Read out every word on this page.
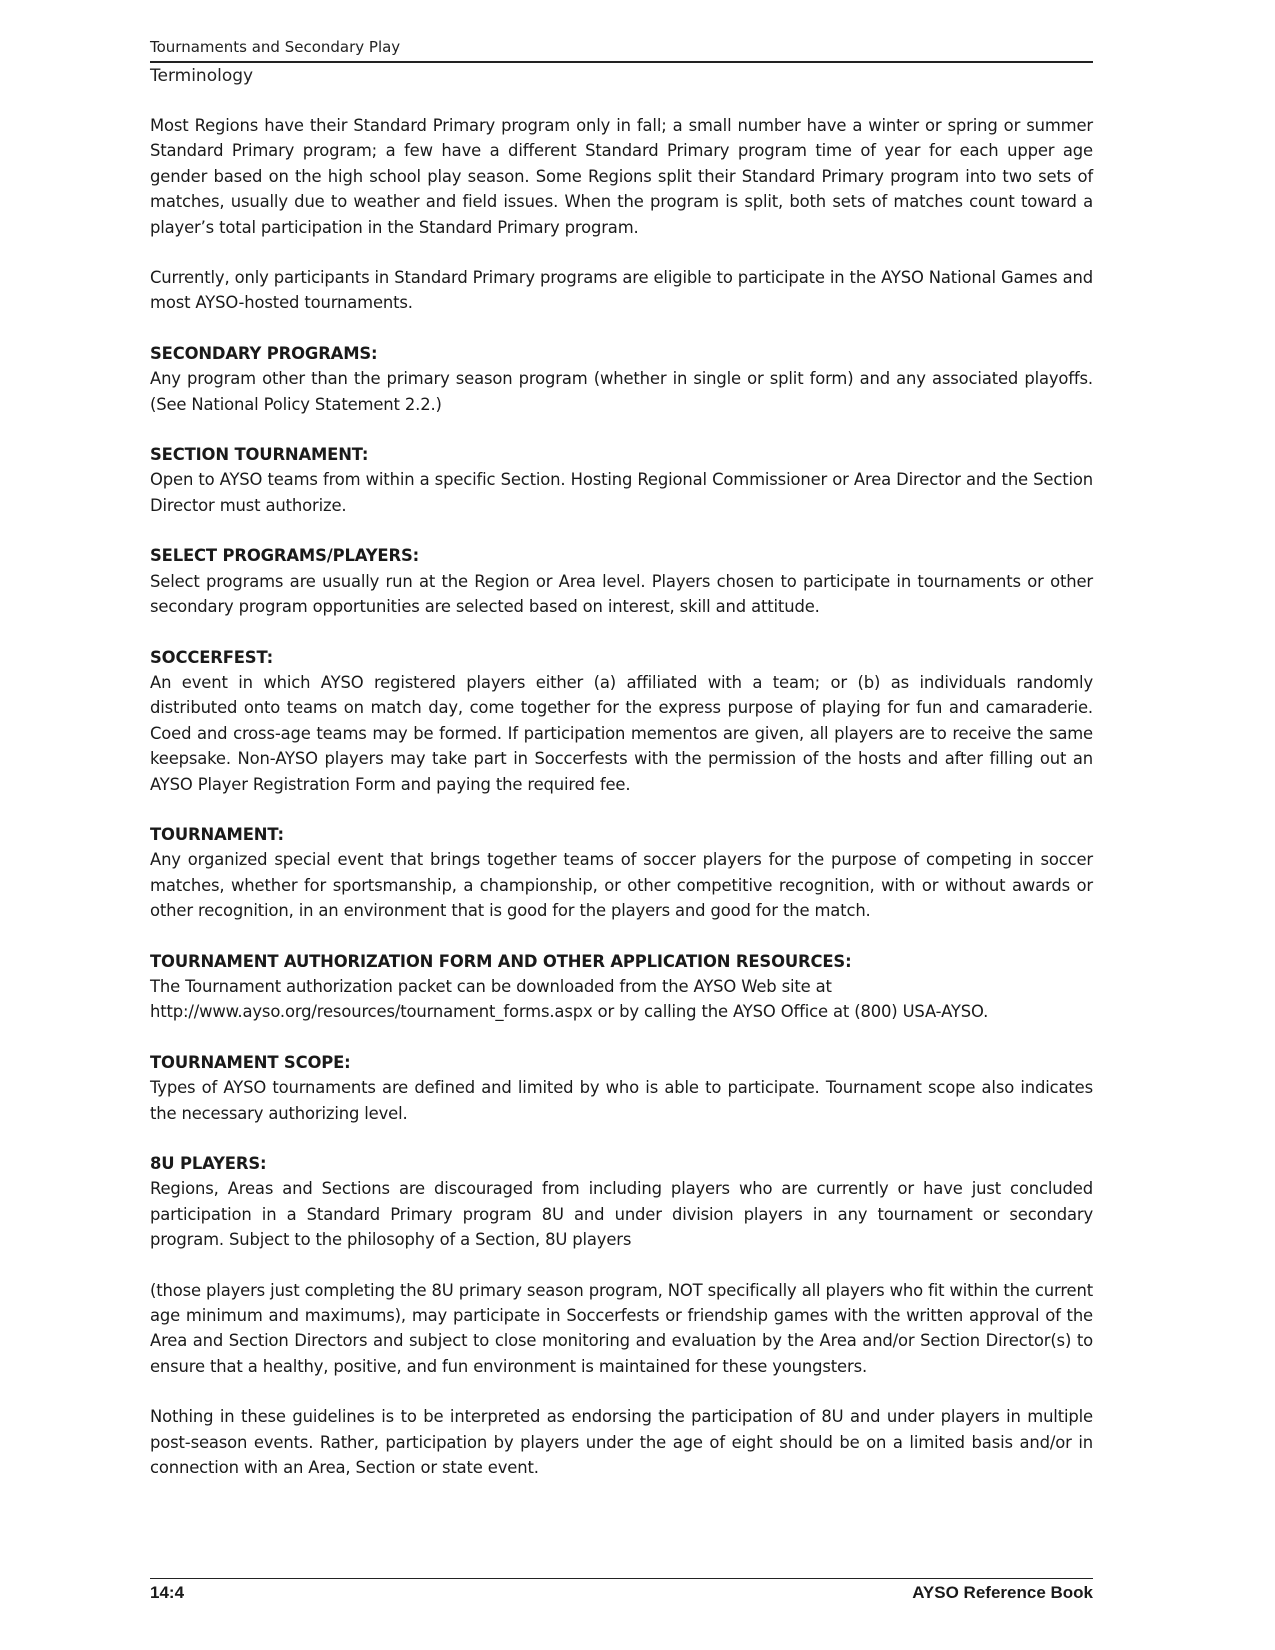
Tournaments and Secondary Play
Terminology

Most Regions have their Standard Primary program only in fall; a small number have a winter or spring or summer Standard Primary program; a few have a different Standard Primary program time of year for each upper age gender based on the high school play season. Some Regions split their Standard Primary program into two sets of matches, usually due to weather and field issues. When the program is split, both sets of matches count toward a player’s total participation in the Standard Primary program.

Currently, only participants in Standard Primary programs are eligible to participate in the AYSO National Games and most AYSO-hosted tournaments.

SECONDARY PROGRAMS:

Any program other than the primary season program (whether in single or split form) and any associated playoffs. (See National Policy Statement 2.2.)

SECTION TOURNAMENT:

Open to AYSO teams from within a specific Section. Hosting Regional Commissioner or Area Director and the Section Director must authorize.

SELECT PROGRAMS/PLAYERS:

Select programs are usually run at the Region or Area level. Players chosen to participate in tournaments or other secondary program opportunities are selected based on interest, skill and attitude.

SOCCERFEST:

An event in which AYSO registered players either (a) affiliated with a team; or (b) as individuals randomly distributed onto teams on match day, come together for the express purpose of playing for fun and camaraderie. Coed and cross-age teams may be formed. If participation mementos are given, all players are to receive the same keepsake. Non-AYSO players may take part in Soccerfests with the permission of the hosts and after filling out an AYSO Player Registration Form and paying the required fee.

TOURNAMENT:

Any organized special event that brings together teams of soccer players for the purpose of competing in soccer matches, whether for sportsmanship, a championship, or other competitive recognition, with or without awards or other recognition, in an environment that is good for the players and good for the match.

TOURNAMENT AUTHORIZATION FORM AND OTHER APPLICATION RESOURCES:

The Tournament authorization packet can be downloaded from the AYSO Web site at http://www.ayso.org/resources/tournament_forms.aspx or by calling the AYSO Office at (800) USA-AYSO.

TOURNAMENT SCOPE:

Types of AYSO tournaments are defined and limited by who is able to participate. Tournament scope also indicates the necessary authorizing level.

8U PLAYERS:

Regions, Areas and Sections are discouraged from including players who are currently or have just concluded participation in a Standard Primary program 8U and under division players in any tournament or secondary program. Subject to the philosophy of a Section, 8U players

(those players just completing the 8U primary season program, NOT specifically all players who fit within the current age minimum and maximums), may participate in Soccerfests or friendship games with the written approval of the Area and Section Directors and subject to close monitoring and evaluation by the Area and/or Section Director(s) to ensure that a healthy, positive, and fun environment is maintained for these youngsters.

Nothing in these guidelines is to be interpreted as endorsing the participation of 8U and under players in multiple post-season events. Rather, participation by players under the age of eight should be on a limited basis and/or in connection with an Area, Section or state event.

14:4	AYSO Reference Book
